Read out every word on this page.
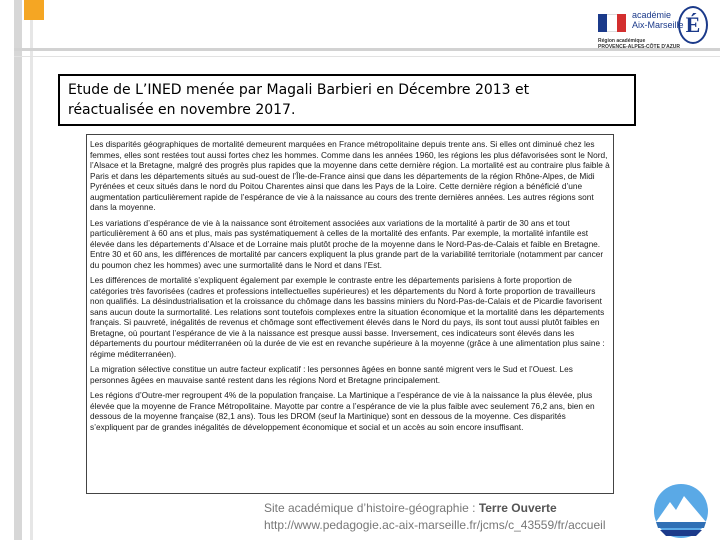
académie
Aix-Marseille É
Région académique
PROVENCE-ALPES-CÔTE D'AZUR
Etude de L’INED menée par Magali Barbieri en Décembre 2013 et
réactualisée en novembre 2017.

Les disparités géographiques de mortalité demeurent marquées en France métropolitaine depuis trente ans. Si elles ont diminué chez les femmes, elles sont restées tout aussi fortes chez les hommes. Comme dans les années 1960, les régions les plus défavorisées sont le Nord, l’Alsace et la Bretagne, malgré des progrès plus rapides que la moyenne dans cette dernière région. La mortalité est au contraire plus faible à Paris et dans les départements situés au sud-ouest de l’Île-de-France ainsi que dans les départements de la région Rhône-Alpes, de Midi Pyrénées et ceux situés dans le nord du Poitou Charentes ainsi que dans les Pays de la Loire. Cette dernière région a bénéficié d’une augmentation particulièrement rapide de l’espérance de vie à la naissance au cours des trente dernières années. Les autres régions sont dans la moyenne.

Les variations d’espérance de vie à la naissance sont étroitement associées aux variations de la mortalité à partir de 30 ans et tout particulièrement à 60 ans et plus, mais pas systématiquement à celles de la mortalité des enfants. Par exemple, la mortalité infantile est élevée dans les départements d’Alsace et de Lorraine mais plutôt proche de la moyenne dans le Nord-Pas-de-Calais et faible en Bretagne. Entre 30 et 60 ans, les différences de mortalité par cancers expliquent la plus grande part de la variabilité territoriale (notamment par cancer du poumon chez les hommes) avec une surmortalité dans le Nord et dans l’Est.

Les différences de mortalité s’expliquent également par exemple le contraste entre les départements parisiens à forte proportion de catégories très favorisées (cadres et professions intellectuelles supérieures) et les départements du Nord à forte proportion de travailleurs non qualifiés. La désindustrialisation et la croissance du chômage dans les bassins miniers du Nord-Pas-de-Calais et de Picardie favorisent sans aucun doute la surmortalité. Les relations sont toutefois complexes entre la situation économique et la mortalité dans les départements français. Si pauvreté, inégalités de revenus et chômage sont effectivement élevés dans le Nord du pays, ils sont tout aussi plutôt faibles en Bretagne, où pourtant l’espérance de vie à la naissance est presque aussi basse. Inversement, ces indicateurs sont élevés dans les départements du pourtour méditerranéen où la durée de vie est en revanche supérieure à la moyenne (grâce à une alimentation plus saine : régime méditerranéen).

La migration sélective constitue un autre facteur explicatif : les personnes âgées en bonne santé migrent vers le Sud et l’Ouest. Les personnes âgées en mauvaise santé restent dans les régions Nord et Bretagne principalement.

Les régions d’Outre-mer regroupent 4% de la population française. La Martinique a l’espérance de vie à la naissance la plus élevée, plus élevée que la moyenne de France Métropolitaine. Mayotte par contre a l’espérance de vie la plus faible avec seulement 76,2 ans, bien en dessous de la moyenne française (82,1 ans). Tous les DROM (seuf la Martinique) sont en dessous de la moyenne. Ces disparités s’expliquent par de grandes inégalités de développement économique et social et un accès au soin encore insuffisant.

Site académique d’histoire-géographie : Terre Ouverte
http://www.pedagogie.ac-aix-marseille.fr/jcms/c_43559/fr/accueil
